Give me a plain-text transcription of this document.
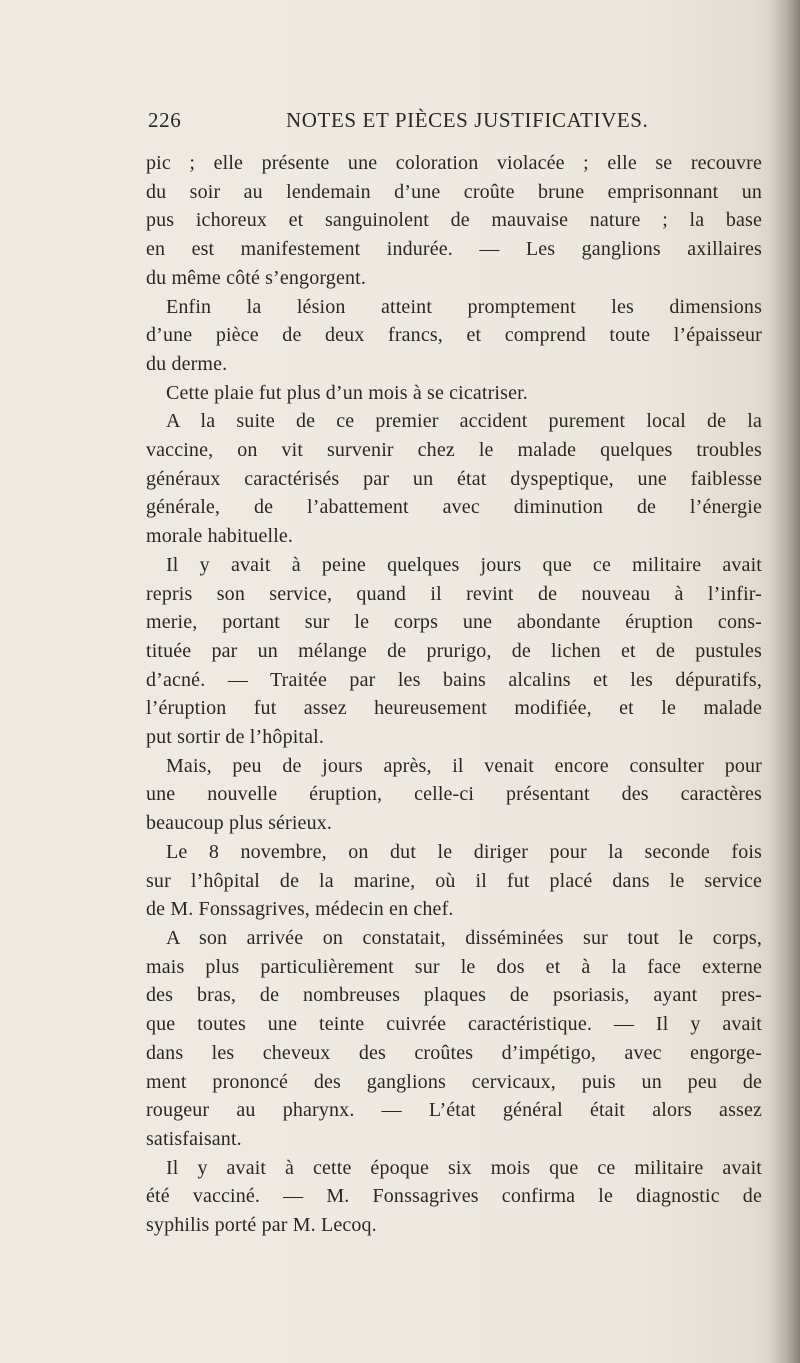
226	NOTES ET PIÈCES JUSTIFICATIVES.

pic ; elle présente une coloration violacée ; elle se recouvre

du soir au lendemain d’une croûte brune emprisonnant un

pus ichoreux et sanguinolent de mauvaise nature ; la base

en est manifestement indurée. — Les ganglions axillaires

du même côté s’engorgent.

Enfin la lésion atteint promptement les dimensions

d’une pièce de deux francs, et comprend toute l’épaisseur

du derme.

Cette plaie fut plus d’un mois à se cicatriser.

A la suite de ce premier accident purement local de la

vaccine, on vit survenir chez le malade quelques troubles

généraux caractérisés par un état dyspeptique, une faiblesse

générale, de l’abattement avec diminution de l’énergie

morale habituelle.

Il y avait à peine quelques jours que ce militaire avait

repris son service, quand il revint de nouveau à l’infir-

merie, portant sur le corps une abondante éruption cons-

tituée par un mélange de prurigo, de lichen et de pustules

d’acné. — Traitée par les bains alcalins et les dépuratifs,

l’éruption fut assez heureusement modifiée, et le malade

put sortir de l’hôpital.

Mais, peu de jours après, il venait encore consulter pour

une nouvelle éruption, celle-ci présentant des caractères

beaucoup plus sérieux.

Le 8 novembre, on dut le diriger pour la seconde fois

sur l’hôpital de la marine, où il fut placé dans le service

de M. Fonssagrives, médecin en chef.

A son arrivée on constatait, disséminées sur tout le corps,

mais plus particulièrement sur le dos et à la face externe

des bras, de nombreuses plaques de psoriasis, ayant pres-

que toutes une teinte cuivrée caractéristique. — Il y avait

dans les cheveux des croûtes d’impétigo, avec engorge-

ment prononcé des ganglions cervicaux, puis un peu de

rougeur au pharynx. — L’état général était alors assez

satisfaisant.

Il y avait à cette époque six mois que ce militaire avait

été vacciné. — M. Fonssagrives confirma le diagnostic de

syphilis porté par M. Lecoq.
